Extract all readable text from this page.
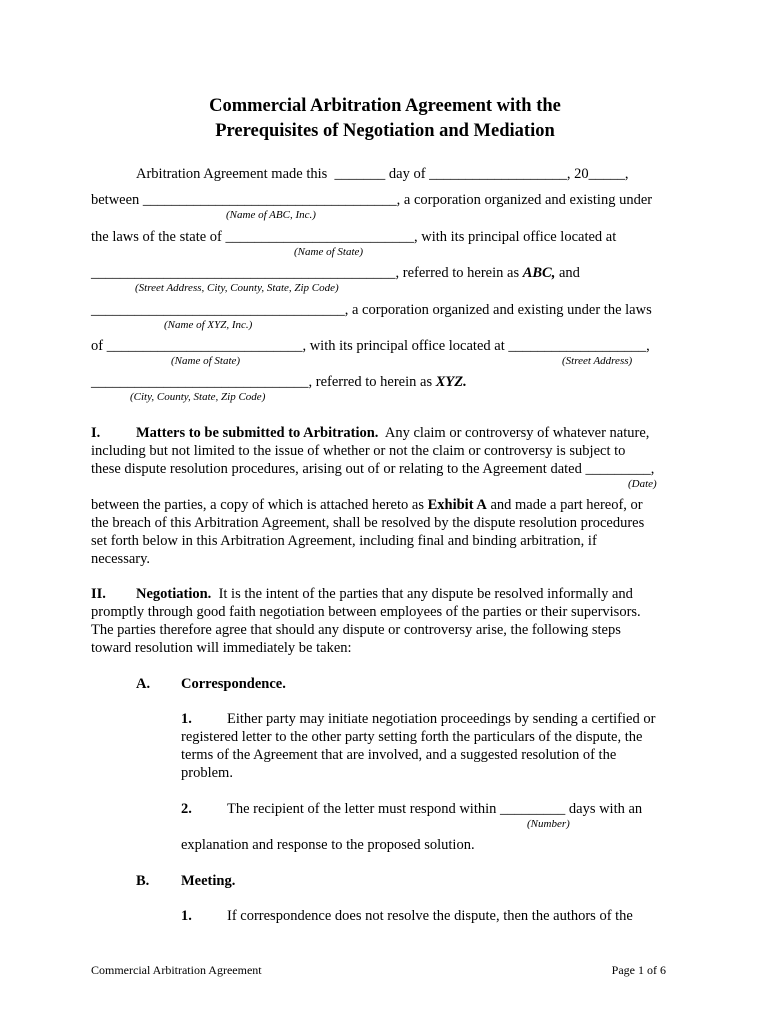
Commercial Arbitration Agreement with the
Prerequisites of Negotiation and Mediation
Arbitration Agreement made this  _______ day of ___________________, 20_____,
between ___________________________________, a corporation organized and existing under
(Name of ABC, Inc.)
the laws of the state of __________________________, with its principal office located at
(Name of State)
__________________________________________, referred to herein as ABC, and
(Street Address, City, County, State, Zip Code)
___________________________________, a corporation organized and existing under the laws
(Name of XYZ, Inc.)
of ___________________________, with its principal office located at ___________________,
(Name of State)	(Street Address)
______________________________, referred to herein as XYZ.
(City, County, State, Zip Code)
I. Matters to be submitted to Arbitration.  Any claim or controversy of whatever nature,
including but not limited to the issue of whether or not the claim or controversy is subject to
these dispute resolution procedures, arising out of or relating to the Agreement dated _________,
(Date)
between the parties, a copy of which is attached hereto as Exhibit A and made a part hereof, or
the breach of this Arbitration Agreement, shall be resolved by the dispute resolution procedures
set forth below in this Arbitration Agreement, including final and binding arbitration, if
necessary.
II. Negotiation.  It is the intent of the parties that any dispute be resolved informally and
promptly through good faith negotiation between employees of the parties or their supervisors.
The parties therefore agree that should any dispute or controversy arise, the following steps
toward resolution will immediately be taken:
A. Correspondence.
1. Either party may initiate negotiation proceedings by sending a certified or
registered letter to the other party setting forth the particulars of the dispute, the
terms of the Agreement that are involved, and a suggested resolution of the
problem.
2. The recipient of the letter must respond within _________ days with an
(Number)
explanation and response to the proposed solution.
B. Meeting.
1. If correspondence does not resolve the dispute, then the authors of the
Commercial Arbitration Agreement	Page 1 of 6
